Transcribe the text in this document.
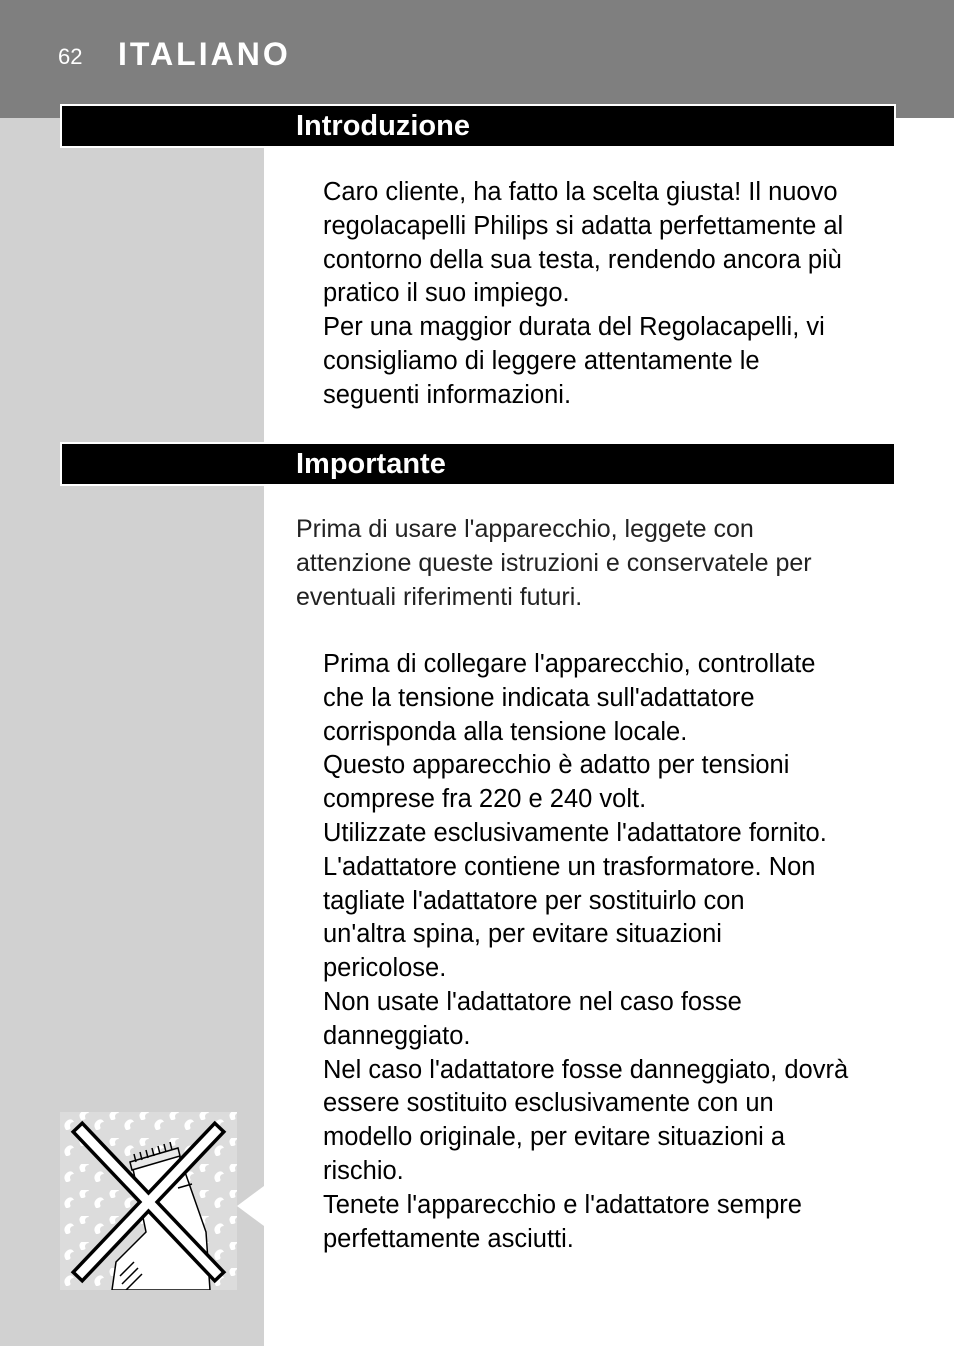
62 ITALIANO
Introduzione

Caro cliente, ha fatto la scelta giusta! Il nuovo

regolacapelli Philips si adatta perfettamente al

contorno della sua testa, rendendo ancora più

pratico il suo impiego.

Per una maggior durata del Regolacapelli, vi

consigliamo di leggere attentamente le

seguenti informazioni.

Importante

Prima di usare l'apparecchio, leggete con

attenzione queste istruzioni e conservatele per

eventuali riferimenti futuri.

Prima di collegare l'apparecchio, controllate

che la tensione indicata sull'adattatore

corrisponda alla tensione locale.

Questo apparecchio è adatto per tensioni

comprese fra 220 e 240 volt.

Utilizzate esclusivamente l'adattatore fornito.

L'adattatore contiene un trasformatore. Non

tagliate l'adattatore per sostituirlo con

un'altra spina, per evitare situazioni

pericolose.

Non usate l'adattatore nel caso fosse

danneggiato.

Nel caso l'adattatore fosse danneggiato, dovrà

essere sostituito esclusivamente con un

modello originale, per evitare situazioni a

rischio.

Tenete l'apparecchio e l'adattatore sempre

perfettamente asciutti.
